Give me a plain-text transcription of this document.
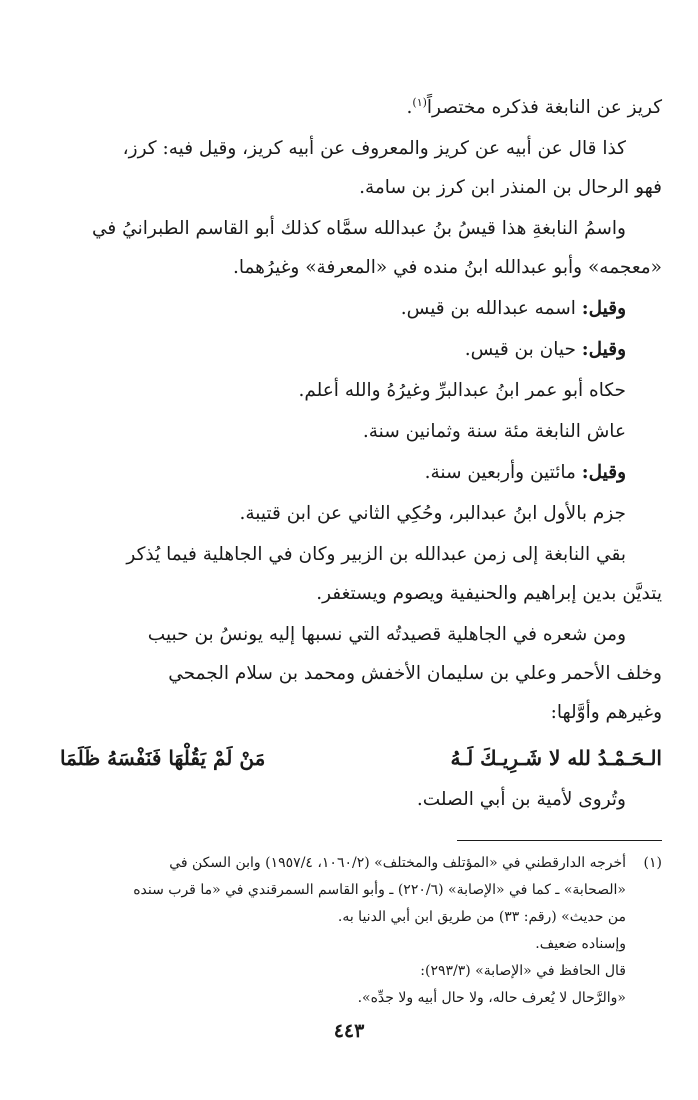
كريز عن النابغة فذكره مختصراً$^{(١)}$.

كذا قال عن أبيه عن كريز والمعروف عن أبيه كريز، وقيل فيه: كرز،

فهو الرحال بن المنذر ابن كرز بن سامة.

واسمُ النابغةِ هذا قيسُ بنُ عبدالله سمَّاه كذلك أبو القاسم الطبرانيُ في

«معجمه» وأبو عبدالله ابنُ منده في «المعرفة» وغيرُهما.

وقيل: اسمه عبدالله بن قيس.

وقيل: حيان بن قيس.

حكاه أبو عمر ابنُ عبدالبرِّ وغيرُهُ والله أعلم.

عاش النابغة مئة سنة وثمانين سنة.

وقيل: مائتين وأربعين سنة.

جزم بالأول ابنُ عبدالبر، وحُكِي الثاني عن ابن قتيبة.

بقي النابغة إلى زمن عبدالله بن الزبير وكان في الجاهلية فيما يُذكر

يتديَّن بدين إبراهيم والحنيفية ويصوم ويستغفر.

ومن شعره في الجاهلية قصيدتُه التي نسبها إليه يونسُ بن حبيب

وخلف الأحمر وعلي بن سليمان الأخفش ومحمد بن سلام الجمحي

وغيرهم وأوَّلها:

الـحَـمْـدُ لله لا شَـرِيـكَ لَـهُ
مَنْ لَمْ يَقُلْهَا فَنَفْسَهُ ظَلَمَا

وتُروى لأمية بن أبي الصلت.

(١)أخرجه الدارقطني في «المؤتلف والمختلف» (١٠٦٠/٢، ١٩٥٧/٤) وابن السكن في

«الصحابة» ـ كما في «الإصابة» (٢٢٠/٦) ـ وأبو القاسم السمرقندي في «ما قرب سنده

من حديث» (رقم: ٣٣) من طريق ابن أبي الدنيا به.

وإسناده ضعيف.

قال الحافظ في «الإصابة» (٢٩٣/٣):

«والرَّحال لا يُعرف حاله، ولا حال أبيه ولا جدِّه».

٤٤٣
